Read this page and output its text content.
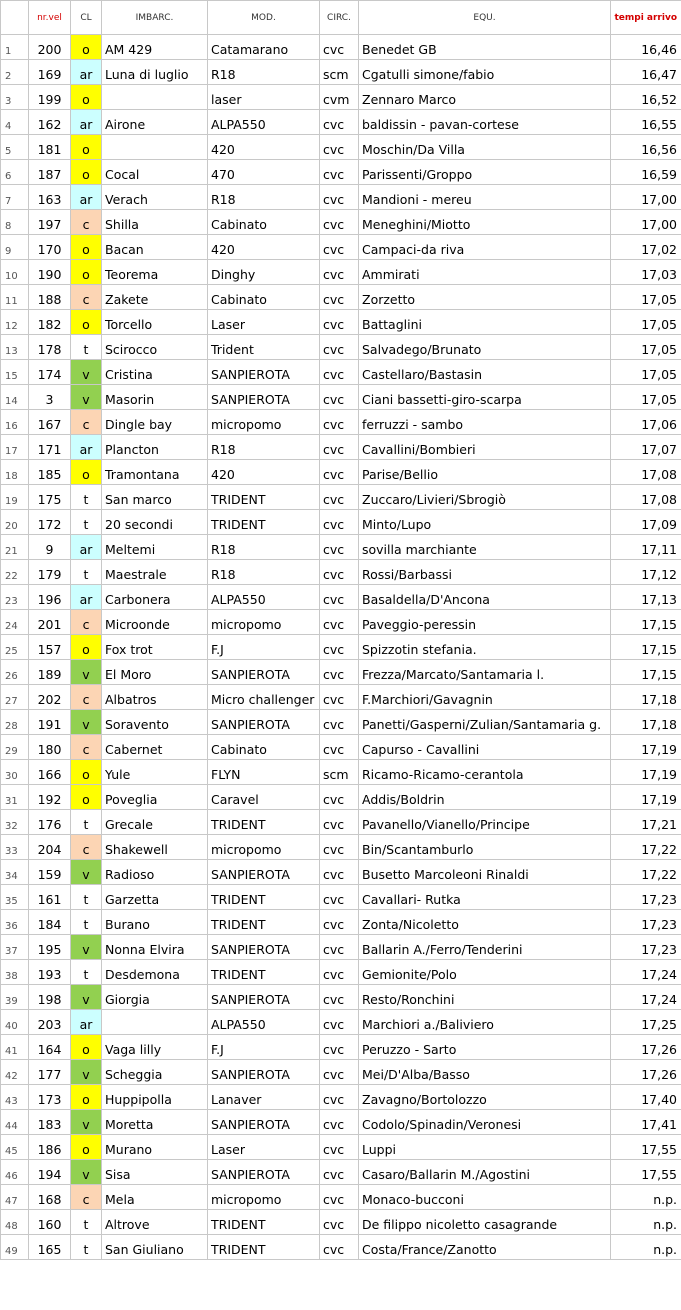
	nr.vel	CL	IMBARC.	MOD.	CIRC.	EQU.	tempi arrivo
1	200	o	AM 429	Catamarano	cvc	Benedet GB	16,46
2	169	ar	Luna di luglio	R18	scm	Cgatulli simone/fabio	16,47
3	199	o		laser	cvm	Zennaro Marco	16,52
4	162	ar	Airone	ALPA550	cvc	baldissin - pavan-cortese	16,55
5	181	o		420	cvc	Moschin/Da Villa	16,56
6	187	o	Cocal	470	cvc	Parissenti/Groppo	16,59
7	163	ar	Verach	R18	cvc	Mandioni - mereu	17,00
8	197	c	Shilla	Cabinato	cvc	Meneghini/Miotto	17,00
9	170	o	Bacan	420	cvc	Campaci-da riva	17,02
10	190	o	Teorema	Dinghy	cvc	Ammirati	17,03
11	188	c	Zakete	Cabinato	cvc	Zorzetto	17,05
12	182	o	Torcello	Laser	cvc	Battaglini	17,05
13	178	t	Scirocco	Trident	cvc	Salvadego/Brunato	17,05
15	174	v	Cristina	SANPIEROTA	cvc	Castellaro/Bastasin	17,05
14	3	v	Masorin	SANPIEROTA	cvc	Ciani bassetti-giro-scarpa	17,05
16	167	c	Dingle bay	micropomo	cvc	ferruzzi - sambo	17,06
17	171	ar	Plancton	R18	cvc	Cavallini/Bombieri	17,07
18	185	o	Tramontana	420	cvc	Parise/Bellio	17,08
19	175	t	San marco	TRIDENT	cvc	Zuccaro/Livieri/Sbrogiò	17,08
20	172	t	20 secondi	TRIDENT	cvc	Minto/Lupo	17,09
21	9	ar	Meltemi	R18	cvc	sovilla marchiante	17,11
22	179	t	Maestrale	R18	cvc	Rossi/Barbassi	17,12
23	196	ar	Carbonera	ALPA550	cvc	Basaldella/D'Ancona	17,13
24	201	c	Microonde	micropomo	cvc	Paveggio-peressin	17,15
25	157	o	Fox trot	F.J	cvc	Spizzotin stefania.	17,15
26	189	v	El Moro	SANPIEROTA	cvc	Frezza/Marcato/Santamaria l.	17,15
27	202	c	Albatros	Micro challenger	cvc	F.Marchiori/Gavagnin	17,18
28	191	v	Soravento	SANPIEROTA	cvc	Panetti/Gasperni/Zulian/Santamaria g.	17,18
29	180	c	Cabernet	Cabinato	cvc	Capurso - Cavallini	17,19
30	166	o	Yule	FLYN	scm	Ricamo-Ricamo-cerantola	17,19
31	192	o	Poveglia	Caravel	cvc	Addis/Boldrin	17,19
32	176	t	Grecale	TRIDENT	cvc	Pavanello/Vianello/Principe	17,21
33	204	c	Shakewell	micropomo	cvc	Bin/Scantamburlo	17,22
34	159	v	Radioso	SANPIEROTA	cvc	Busetto Marcoleoni Rinaldi	17,22
35	161	t	Garzetta	TRIDENT	cvc	Cavallari- Rutka	17,23
36	184	t	Burano	TRIDENT	cvc	Zonta/Nicoletto	17,23
37	195	v	Nonna Elvira	SANPIEROTA	cvc	Ballarin A./Ferro/Tenderini	17,23
38	193	t	Desdemona	TRIDENT	cvc	Gemionite/Polo	17,24
39	198	v	Giorgia	SANPIEROTA	cvc	Resto/Ronchini	17,24
40	203	ar		ALPA550	cvc	Marchiori a./Baliviero	17,25
41	164	o	Vaga lilly	F.J	cvc	Peruzzo - Sarto	17,26
42	177	v	Scheggia	SANPIEROTA	cvc	Mei/D'Alba/Basso	17,26
43	173	o	Huppipolla	Lanaver	cvc	Zavagno/Bortolozzo	17,40
44	183	v	Moretta	SANPIEROTA	cvc	Codolo/Spinadin/Veronesi	17,41
45	186	o	Murano	Laser	cvc	Luppi	17,55
46	194	v	Sisa	SANPIEROTA	cvc	Casaro/Ballarin M./Agostini	17,55
47	168	c	Mela	micropomo	cvc	Monaco-bucconi	n.p.
48	160	t	Altrove	TRIDENT	cvc	De filippo nicoletto casagrande	n.p.
49	165	t	San Giuliano	TRIDENT	cvc	Costa/France/Zanotto	n.p.
